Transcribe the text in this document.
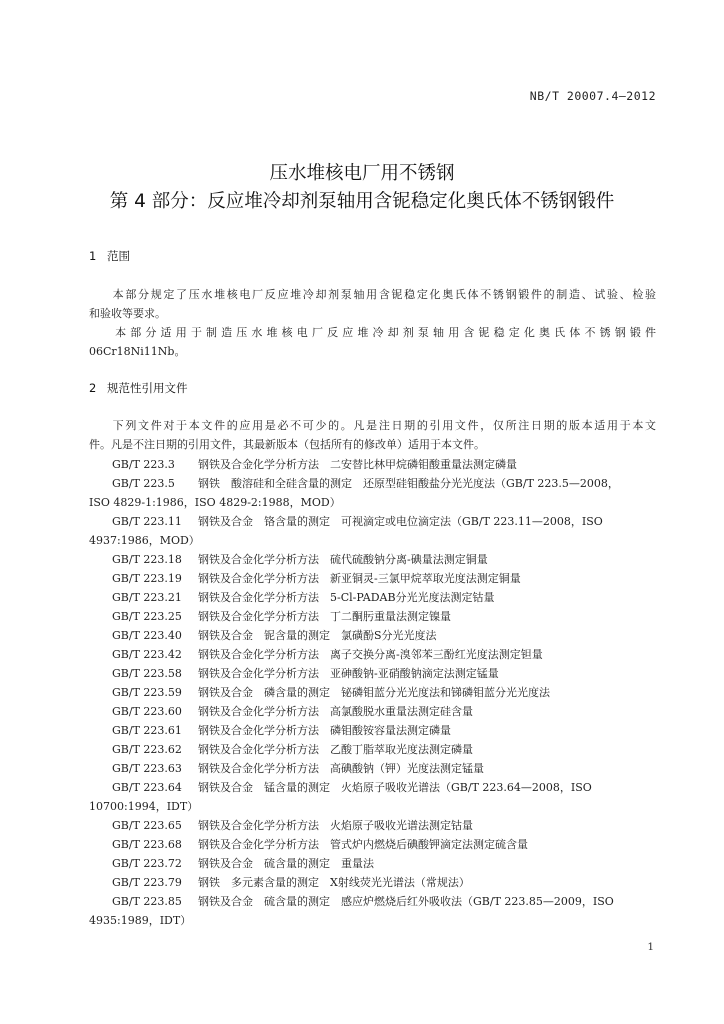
NB/T 20007.4—2012
压水堆核电厂用不锈钢
第 4 部分：反应堆冷却剂泵轴用含铌稳定化奥氏体不锈钢锻件
1 范围
本部分规定了压水堆核电厂反应堆冷却剂泵轴用含铌稳定化奥氏体不锈钢锻件的制造、试验、检验
和验收等要求。
本部分适用于制造压水堆核电厂反应堆冷却剂泵轴用含铌稳定化奥氏体不锈钢锻件
06Cr18Ni11Nb。
2 规范性引用文件
下列文件对于本文件的应用是必不可少的。凡是注日期的引用文件，仅所注日期的版本适用于本文
件。凡是不注日期的引用文件，其最新版本（包括所有的修改单）适用于本文件。
GB/T 223.3 钢铁及合金化学分析方法　二安替比林甲烷磷钼酸重量法测定磷量
GB/T 223.5 钢铁　酸溶硅和全硅含量的测定　还原型硅钼酸盐分光光度法（GB/T 223.5—2008，
ISO 4829-1:1986，ISO 4829-2:1988，MOD）
GB/T 223.11 钢铁及合金　铬含量的测定　可视滴定或电位滴定法（GB/T 223.11—2008，ISO
4937:1986，MOD）
GB/T 223.18 钢铁及合金化学分析方法　硫代硫酸钠分离-碘量法测定铜量
GB/T 223.19 钢铁及合金化学分析方法　新亚铜灵-三氯甲烷萃取光度法测定铜量
GB/T 223.21 钢铁及合金化学分析方法　5-Cl-PADAB分光光度法测定钴量
GB/T 223.25 钢铁及合金化学分析方法　丁二酮肟重量法测定镍量
GB/T 223.40 钢铁及合金　铌含量的测定　氯磺酚S分光光度法
GB/T 223.42 钢铁及合金化学分析方法　离子交换分离-溴邻苯三酚红光度法测定钽量
GB/T 223.58 钢铁及合金化学分析方法　亚砷酸钠-亚硝酸钠滴定法测定锰量
GB/T 223.59 钢铁及合金　磷含量的测定　铋磷钼蓝分光光度法和锑磷钼蓝分光光度法
GB/T 223.60 钢铁及合金化学分析方法　高氯酸脱水重量法测定硅含量
GB/T 223.61 钢铁及合金化学分析方法　磷钼酸铵容量法测定磷量
GB/T 223.62 钢铁及合金化学分析方法　乙酸丁脂萃取光度法测定磷量
GB/T 223.63 钢铁及合金化学分析方法　高碘酸钠（钾）光度法测定锰量
GB/T 223.64 钢铁及合金　锰含量的测定　火焰原子吸收光谱法（GB/T 223.64—2008，ISO
10700:1994，IDT）
GB/T 223.65 钢铁及合金化学分析方法　火焰原子吸收光谱法测定钴量
GB/T 223.68 钢铁及合金化学分析方法　管式炉内燃烧后碘酸钾滴定法测定硫含量
GB/T 223.72 钢铁及合金　硫含量的测定　重量法
GB/T 223.79 钢铁　多元素含量的测定　X射线荧光光谱法（常规法）
GB/T 223.85 钢铁及合金　硫含量的测定　感应炉燃烧后红外吸收法（GB/T 223.85—2009，ISO
4935:1989，IDT）
1
